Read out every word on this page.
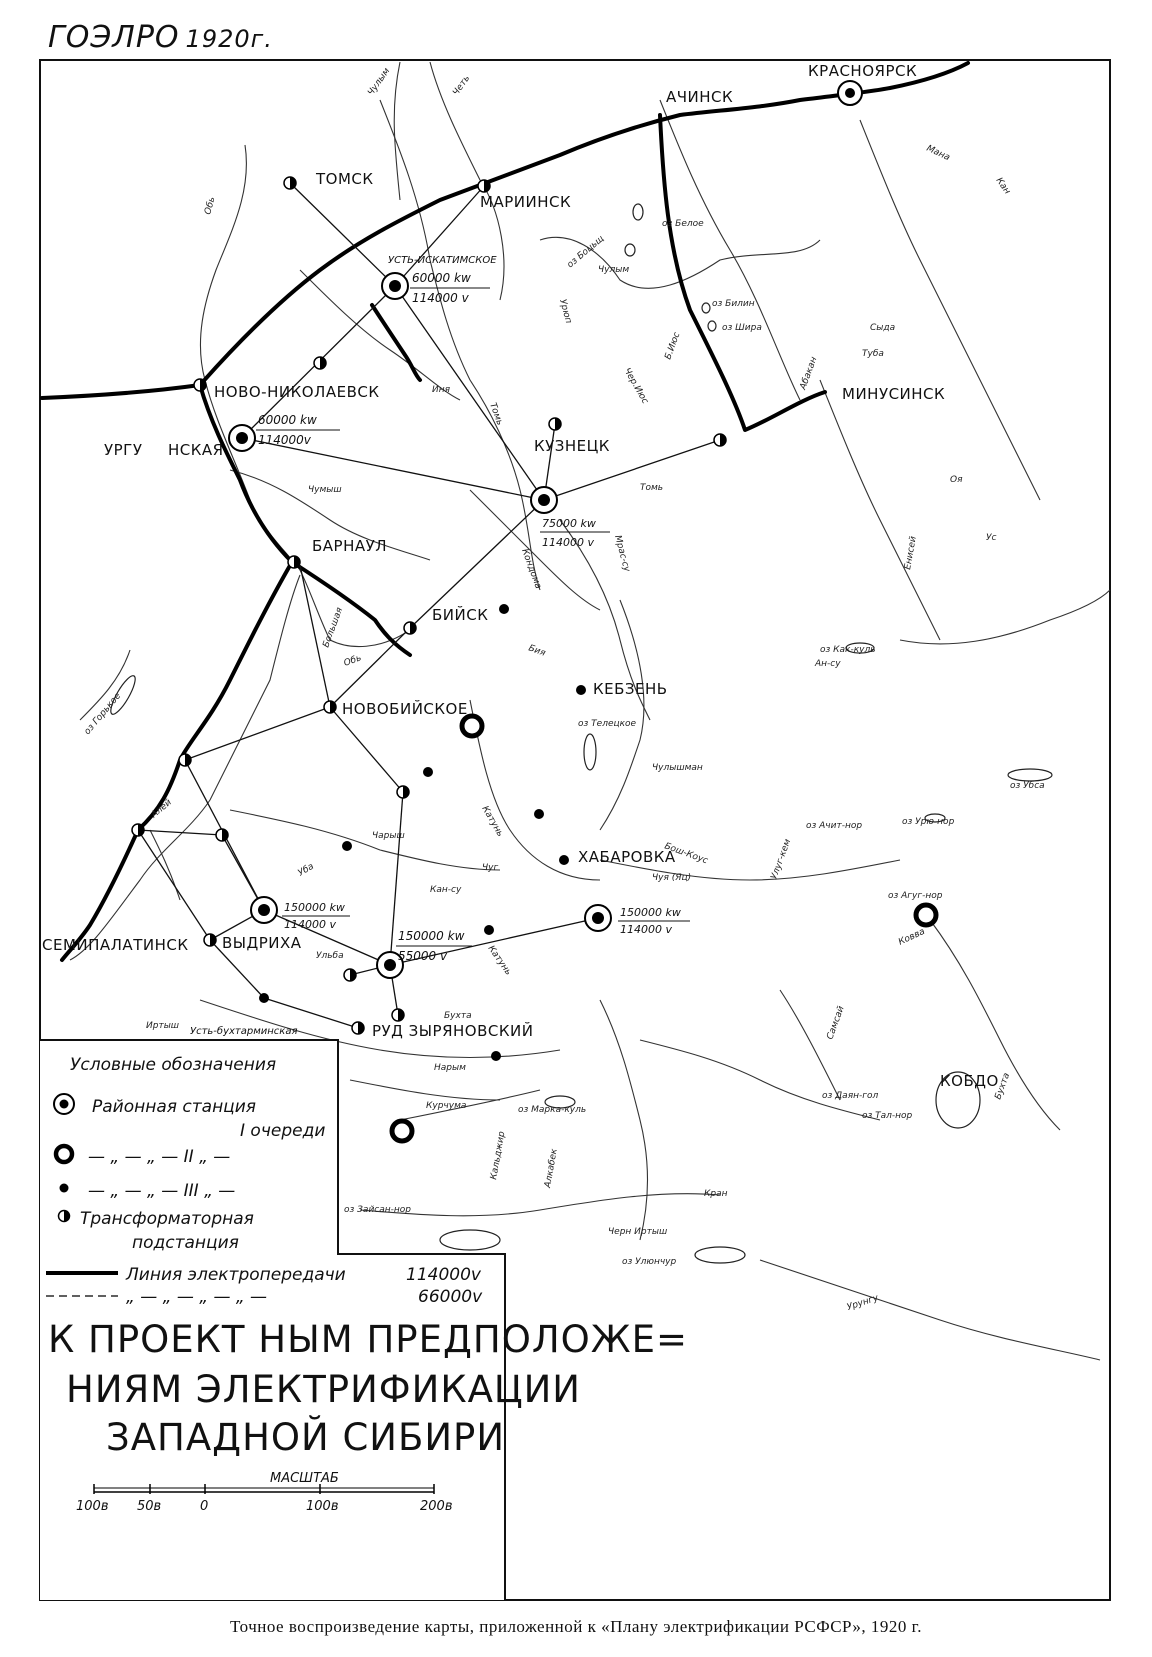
ГОЭЛРО 1920г.
КРАСНОЯРСК
АЧИНСК
ТОМСК
МАРИИНСК
УСТЬ-ИСКАТИМСКОЕ
НОВО-НИКОЛАЕВСК
УРГУ НСКАЯ	КУЗНЕЦК
МИНУСИНСК
БАРНАУЛ
БИЙСК
КЕБЗЕНЬ
НОВОБИЙСКОЕ
ХАБАРОВКА
СЕМИПАЛАТИНСК ВЫДРИХА
РУД ЗЫРЯНОВСКИЙ
КОБДО
Усть-бухтарминская
60000 kw
114000 v
60000 kw
114000v
75000 kw
114000 v
150000 kw
114000 v
150000 kw
55000 v
150000 kw
114000 v
Обь
Обь
Чулым	Четь
Чулым
Томь
Томь
Иня
Чумыш
Кондома	Мрас-су
Чарыш
Алей	Катунь
Катунь
Бия
Иртыш
Ковва
Бухта
Абакан
Чулышман
Чуя (Яц)
Бухта
Уба
Ульба
Нарым
Курчума
Самсай
Урунгу
Кран
Сыдa
Туба
Кан
Мана
Оя
Ус
Енисей
Ан-су
Черн Иртыш
Кальджир	Алкабек
Большая
Чуг
Кан-су
Урюп
Чер.Июс
Б.Июс
Улуг-кем
Бош-Коус
оз Горькое	оз Телецкое
оз Белое
оз Боцьщ
оз Билин
оз Шира
оз Убса
оз Урю-нор
оз Агуг-нор
оз Даян-гол
оз Тал-нор
оз Марка-куль
оз Зайсан-нор
оз Улюнчур
оз Ачит-нор
оз Как-куль
Условные обозначения
Районная станция
I очереди
— „ — „ — II „ —
— „ — „ — III „ —
Трансформаторная
подстанция
Линия электропередачи	114000v
„ — „ — „ — „ —	66000v
К ПРОЕКТ НЫМ ПРЕДПОЛОЖЕ=
НИЯМ ЭЛЕКТРИФИКАЦИИ
ЗАПАДНОЙ СИБИРИ
МАСШТАБ
100в 50в	0	100в	200в
Точное воспроизведение карты, приложенной к «Плану электрификации РСФСР», 1920 г.
